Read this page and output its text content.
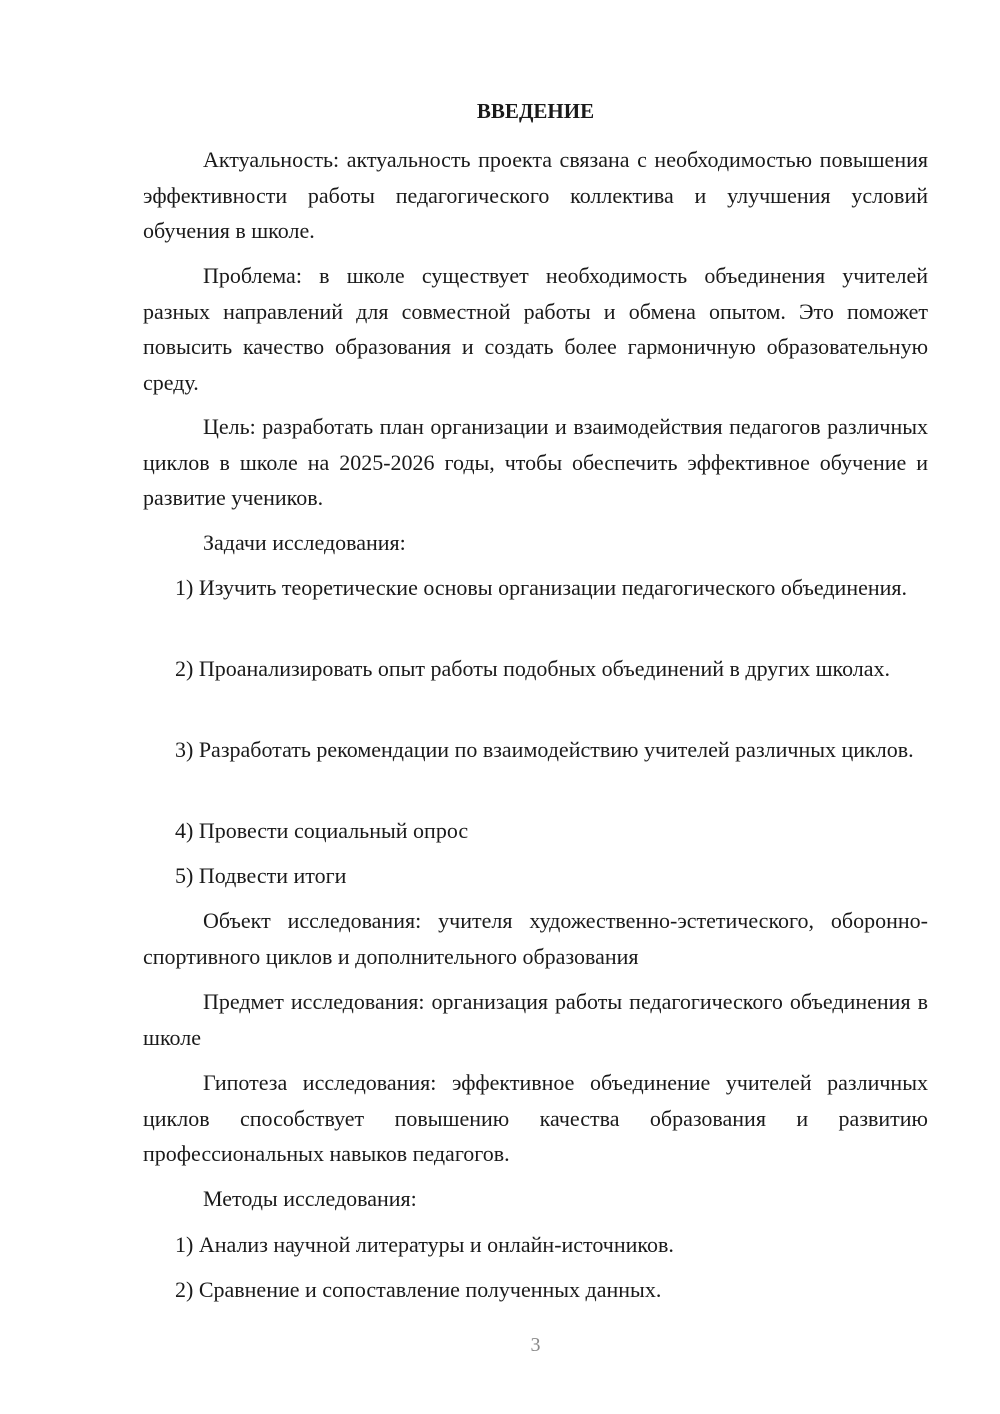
ВВЕДЕНИЕ

Актуальность: актуальность проекта связана с необходимостью повышения эффективности работы педагогического коллектива и улучшения условий обучения в школе.

Проблема: в школе существует необходимость объединения учителей разных направлений для совместной работы и обмена опытом. Это поможет повысить качество образования и создать более гармоничную образовательную среду.

Цель: разработать план организации и взаимодействия педагогов различных циклов в школе на 2025-2026 годы, чтобы обеспечить эффективное обучение и развитие учеников.

Задачи исследования:

1) Изучить теоретические основы организации педагогического объединения.

2) Проанализировать опыт работы подобных объединений в других школах.

3) Разработать рекомендации по взаимодействию учителей различных циклов.

4) Провести социальный опрос

5) Подвести итоги

Объект исследования: учителя художественно-эстетического, оборонно-спортивного циклов и дополнительного образования

Предмет исследования: организация работы педагогического объединения в школе

Гипотеза исследования: эффективное объединение учителей различных циклов способствует повышению качества образования и развитию профессиональных навыков педагогов.

Методы исследования:

1) Анализ научной литературы и онлайн-источников.

2) Сравнение и сопоставление полученных данных.

3
